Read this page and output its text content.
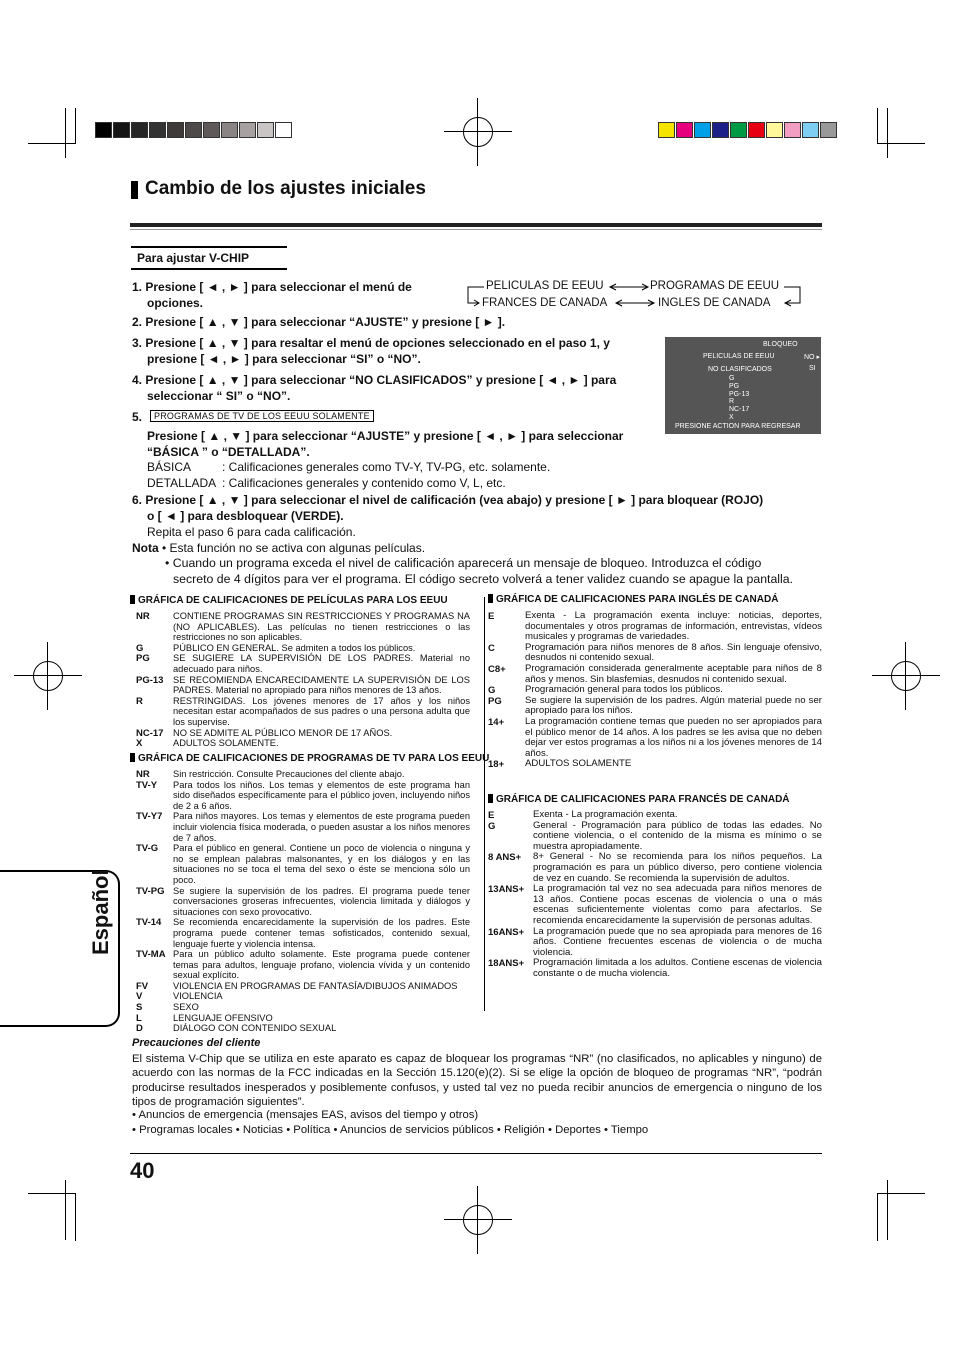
Cambio de los ajustes iniciales
Para ajustar V-CHIP
1. Presione [ ◄ , ► ] para seleccionar el menú de
opciones.
PELICULAS DE EEUU	PROGRAMAS DE EEUU
FRANCES DE CANADA	INGLES DE CANADA
2. Presione [ ▲ , ▼ ] para seleccionar “AJUSTE” y presione [ ► ].
3. Presione [ ▲ , ▼ ] para resaltar el menú de opciones seleccionado en el paso 1, y
presione [ ◄ , ► ] para seleccionar “SI” o “NO”.
4. Presione [ ▲ , ▼ ] para seleccionar “NO CLASIFICADOS” y presione [ ◄ , ► ] para
seleccionar “ SI” o “NO”.
BLOQUEO
PELICULAS DE EEUU	NO ▸
NO CLASIFICADOS	SI
G
PG
PG-13
R
NC-17
X
PRESIONE ACTION PARA REGRESAR
5.	PROGRAMAS DE TV DE LOS EEUU SOLAMENTE
Presione [ ▲ , ▼ ] para seleccionar “AJUSTE” y presione [ ◄ , ► ] para seleccionar
“BÁSICA ” o “DETALLADA”.
BÁSICA	: Calificaciones generales como TV-Y, TV-PG, etc. solamente.
DETALLADA : Calificaciones generales y contenido como V, L, etc.
6. Presione [ ▲ , ▼ ] para seleccionar el nivel de calificación (vea abajo) y presione [ ► ] para bloquear (ROJO)
o [ ◄ ] para desbloquear (VERDE).
Repita el paso 6 para cada calificación.
Nota • Esta función no se activa con algunas películas.
• Cuando un programa exceda el nivel de calificación aparecerá un mensaje de bloqueo. Introduzca el código
secreto de 4 dígitos para ver el programa. El código secreto volverá a tener validez cuando se apague la pantalla.
GRÁFICA DE CALIFICACIONES DE PELÍCULAS PARA LOS EEUU
NR	CONTIENE PROGRAMAS SIN RESTRICCIONES Y PROGRAMAS NA (NO APLICABLES). Las películas no tienen restricciones o las restricciones no son aplicables.
G	PÚBLICO EN GENERAL. Se admiten a todos los públicos.
PG	SE SUGIERE LA SUPERVISIÓN DE LOS PADRES. Material no adecuado para niños.
PG-13 SE RECOMIENDA ENCARECIDAMENTE LA SUPERVISIÓN DE LOS PADRES. Material no apropiado para niños menores de 13 años.
R	RESTRINGIDAS. Los jóvenes menores de 17 años y los niños necesitan estar acompañados de sus padres o una persona adulta que los supervise.
NC-17 NO SE ADMITE AL PÚBLICO MENOR DE 17 AÑOS.
X	ADULTOS SOLAMENTE.
GRÁFICA DE CALIFICACIONES DE PROGRAMAS DE TV PARA LOS EEUU
NR	Sin restricción. Consulte Precauciones del cliente abajo.
TV-Y Para todos los niños. Los temas y elementos de este programa han sido diseñados específicamente para el público joven, incluyendo niños de 2 a 6 años.
TV-Y7 Para niños mayores. Los temas y elementos de este programa pueden incluir violencia física moderada, o pueden asustar a los niños menores de 7 años.
TV-G Para el público en general. Contiene un poco de violencia o ninguna y no se emplean palabras malsonantes, y en los diálogos y en las situaciones no se toca el tema del sexo o éste se menciona sólo un poco.
TV-PG Se sugiere la supervisión de los padres. El programa puede tener conversaciones groseras infrecuentes, violencia limitada y diálogos y situaciones con sexo provocativo.
TV-14 Se recomienda encarecidamente la supervisión de los padres. Este programa puede contener temas sofisticados, contenido sexual, lenguaje fuerte y violencia intensa.
TV-MA Para un público adulto solamente. Este programa puede contener temas para adultos, lenguaje profano, violencia vívida y un contenido sexual explícito.
FV	VIOLENCIA EN PROGRAMAS DE FANTASÍA/DIBUJOS ANIMADOS
V	VIOLENCIA
S	SEXO
L	LENGUAJE OFENSIVO
D	DIÁLOGO CON CONTENIDO SEXUAL
GRÁFICA DE CALIFICACIONES PARA INGLÉS DE CANADÁ
E	Exenta - La programación exenta incluye: noticias, deportes, documentales y otros programas de información, entrevistas, vídeos musicales y programas de variedades.
C	Programación para niños menores de 8 años. Sin lenguaje ofensivo, desnudos ni contenido sexual.
C8+ Programación considerada generalmente aceptable para niños de 8 años y menos. Sin blasfemias, desnudos ni contenido sexual.
G	Programación general para todos los públicos.
PG Se sugiere la supervisión de los padres. Algún material puede no ser apropiado para los niños.
14+ La programación contiene temas que pueden no ser apropiados para el público menor de 14 años. A los padres se les avisa que no deben dejar ver estos programas a los niños ni a los jóvenes menores de 14 años.
18+ ADULTOS SOLAMENTE
GRÁFICA DE CALIFICACIONES PARA FRANCÉS DE CANADÁ
E	Exenta - La programación exenta.
G	General - Programación para público de todas las edades. No contiene violencia, o el contenido de la misma es mínimo o se muestra apropiadamente.
8 ANS+ 8+ General - No se recomienda para los niños pequeños. La programación es para un público diverso, pero contiene violencia de vez en cuando. Se recomienda la supervisión de adultos.
13ANS+ La programación tal vez no sea adecuada para niños menores de 13 años. Contiene pocas escenas de violencia o una o más escenas suficientemente violentas como para afectarlos. Se recomienda encarecidamente la supervisión de personas adultas.
16ANS+ La programación puede que no sea apropiada para menores de 16 años. Contiene frecuentes escenas de violencia o de mucha violencia.
18ANS+ Programación limitada a los adultos. Contiene escenas de violencia constante o de mucha violencia.
Precauciones del cliente
El sistema V-Chip que se utiliza en este aparato es capaz de bloquear los programas “NR” (no clasificados, no aplicables y ninguno) de acuerdo con las normas de la FCC indicadas en la Sección 15.120(e)(2). Si se elige la opción de bloqueo de programas “NR”, “podrán producirse resultados inesperados y posiblemente confusos, y usted tal vez no pueda recibir anuncios de emergencia o ninguno de los tipos de programación siguientes”.
• Anuncios de emergencia (mensajes EAS, avisos del tiempo y otros)
• Programas locales • Noticias • Política • Anuncios de servicios públicos • Religión • Deportes • Tiempo
Español
40
